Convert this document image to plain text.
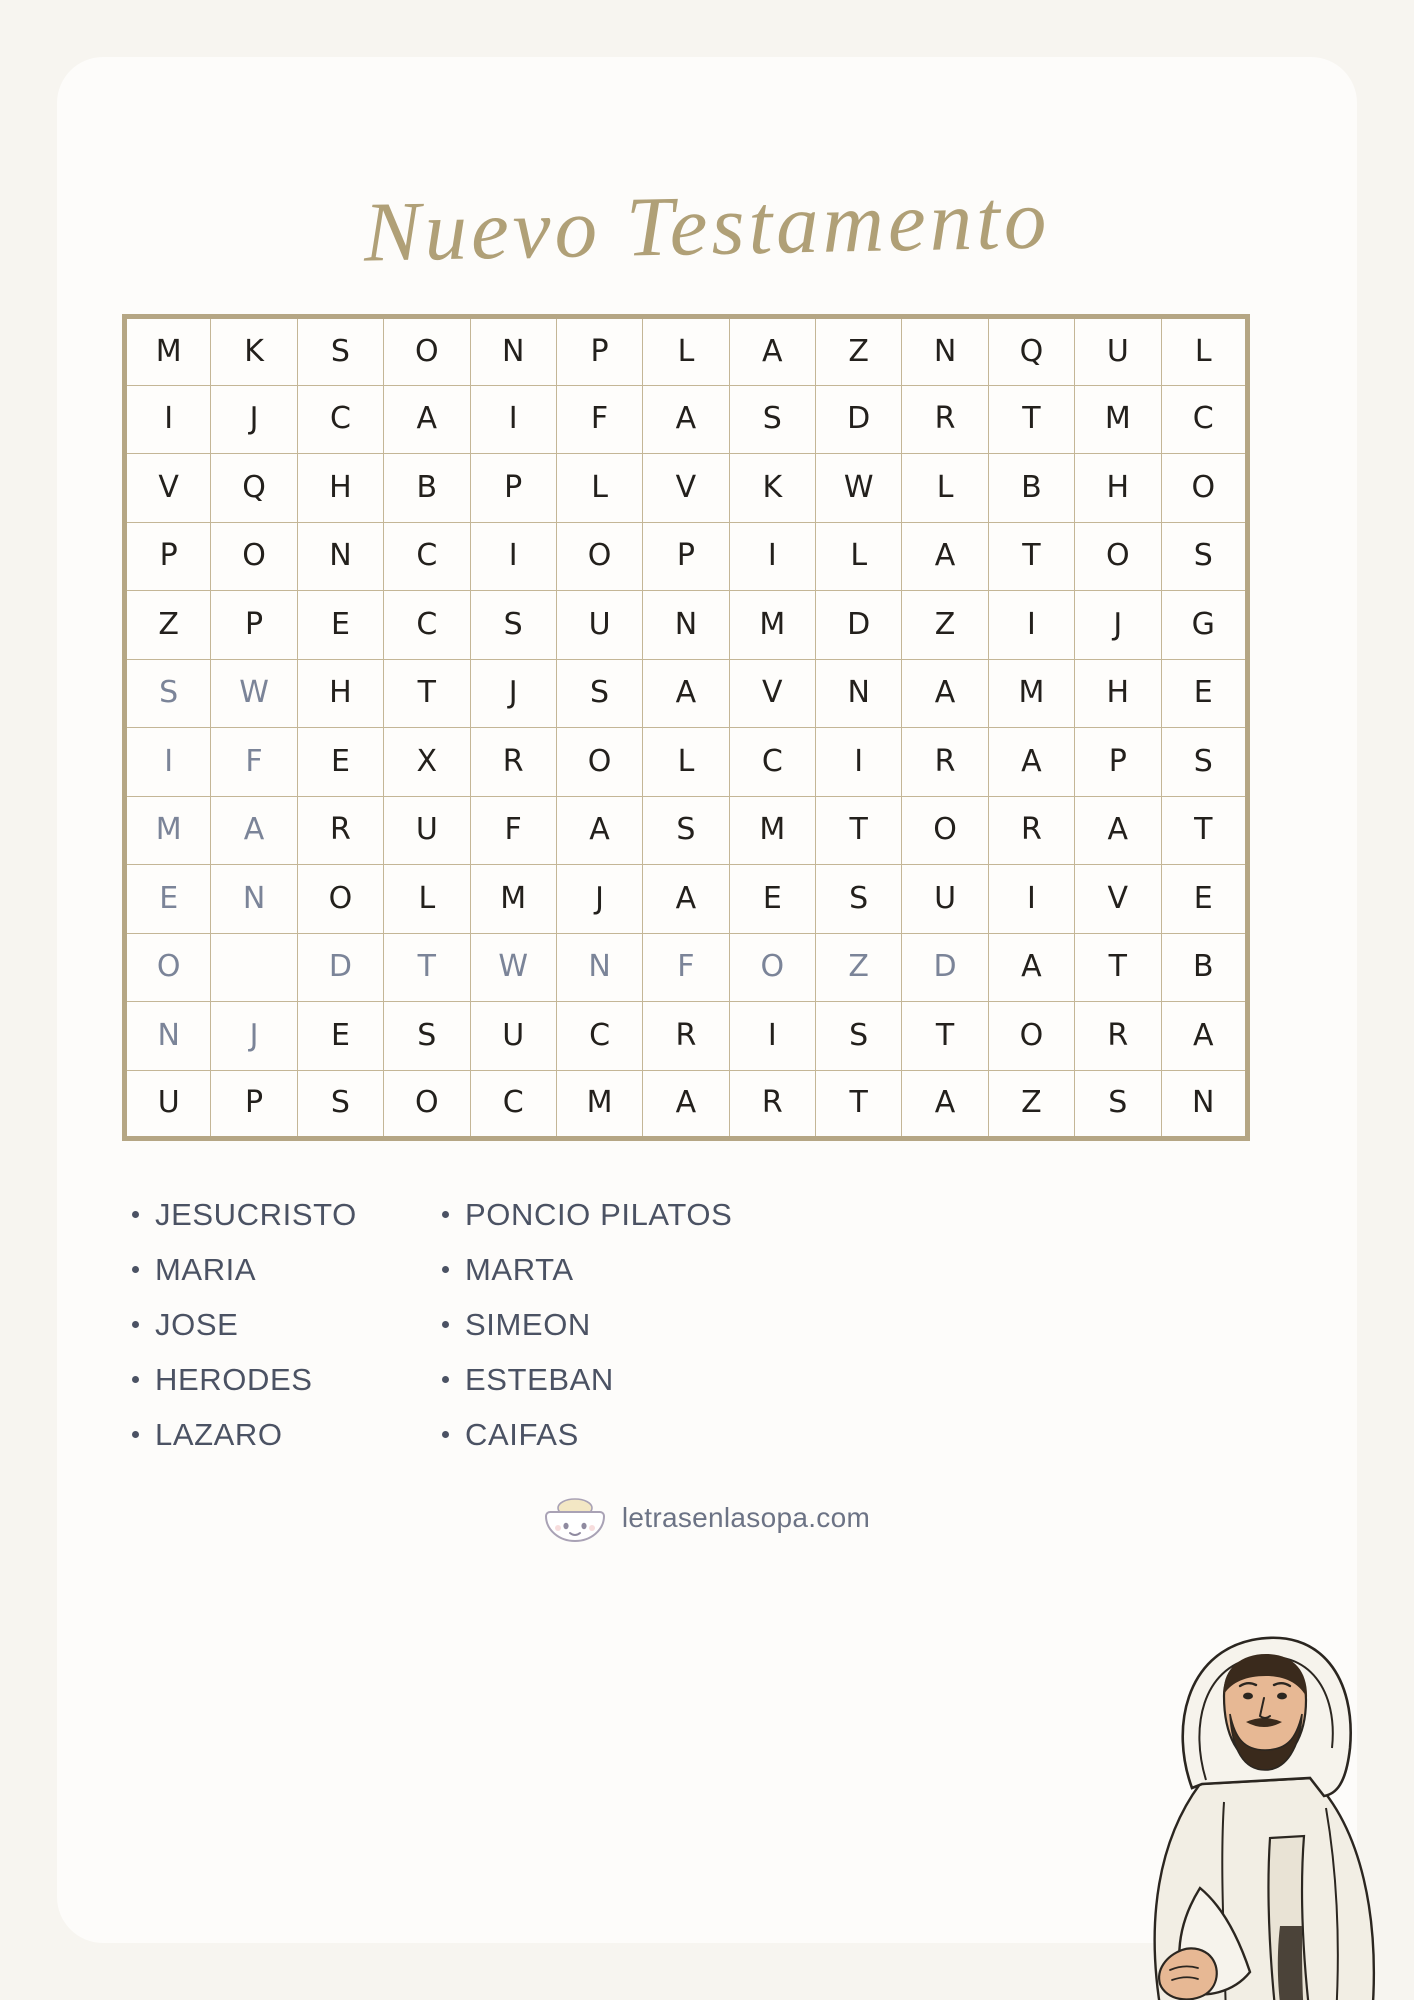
Nuevo Testamento
M	K	S	O	N	P	L	A	Z	N	Q	U	L
I	J	C	A	I	F	A	S	D	R	T	M	C
V	Q	H	B	P	L	V	K	W	L	B	H	O
P	O	N	C	I	O	P	I	L	A	T	O	S
Z	P	E	C	S	U	N	M	D	Z	I	J	G
S	W	H	T	J	S	A	V	N	A	M	H	E
I	F	E	X	R	O	L	C	I	R	A	P	S
M	A	R	U	F	A	S	M	T	O	R	A	T
E	N	O	L	M	J	A	E	S	U	I	V	E
O		D	T	W	N	F	O	Z	D	A	T	B
N	J	E	S	U	C	R	I	S	T	O	R	A
U	P	S	O	C	M	A	R	T	A	Z	S	N
JESUCRISTO
MARIA
JOSE
HERODES
LAZARO
PONCIO PILATOS
MARTA
SIMEON
ESTEBAN
CAIFAS
letrasenlasopa.com
